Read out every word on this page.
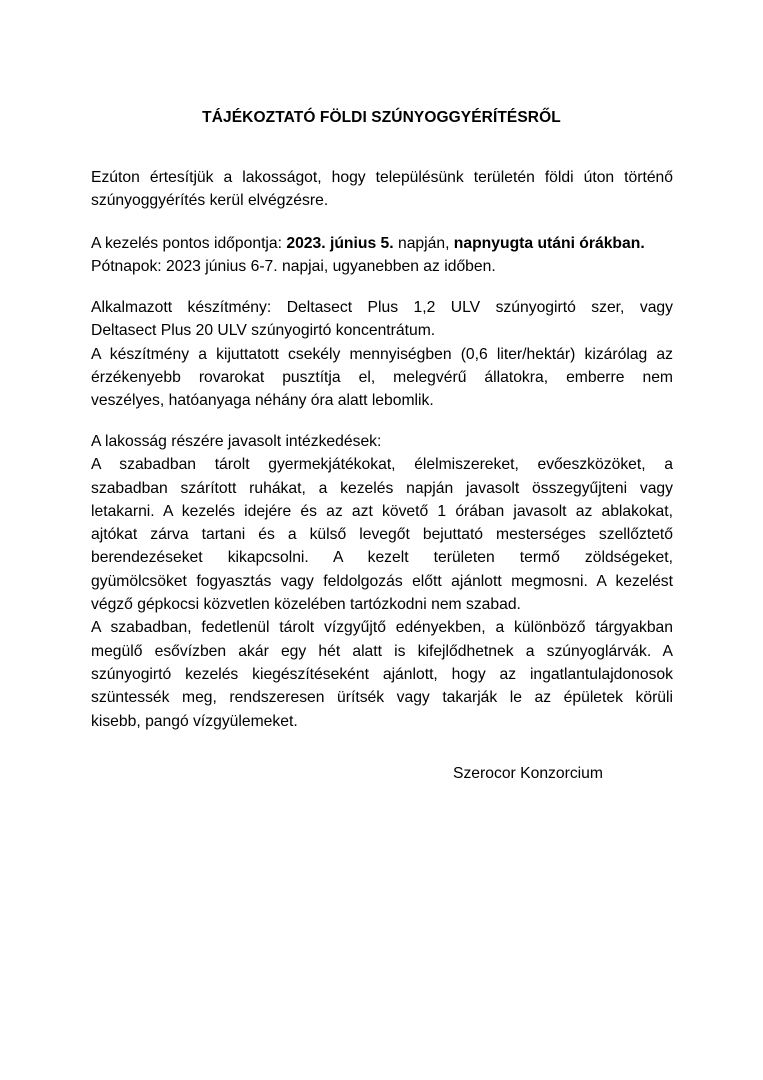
TÁJÉKOZTATÓ FÖLDI SZÚNYOGGYÉRÍTÉSRŐL
Ezúton értesítjük a lakosságot, hogy településünk területén földi úton történő
szúnyoggyérítés kerül elvégzésre.
A kezelés pontos időpontja: 2023. június 5. napján, napnyugta utáni órákban.
Pótnapok: 2023 június 6-7. napjai, ugyanebben az időben.
Alkalmazott készítmény: Deltasect Plus 1,2 ULV szúnyogirtó szer, vagy
Deltasect Plus 20 ULV szúnyogirtó koncentrátum.
A készítmény a kijuttatott csekély mennyiségben (0,6 liter/hektár) kizárólag az
érzékenyebb rovarokat pusztítja el, melegvérű állatokra, emberre nem
veszélyes, hatóanyaga néhány óra alatt lebomlik.
A lakosság részére javasolt intézkedések:
A szabadban tárolt gyermekjátékokat, élelmiszereket, evőeszközöket, a
szabadban szárított ruhákat, a kezelés napján javasolt összegyűjteni vagy
letakarni. A kezelés idejére és az azt követő 1 órában javasolt az ablakokat,
ajtókat zárva tartani és a külső levegőt bejuttató mesterséges szellőztető
berendezéseket kikapcsolni. A kezelt területen termő zöldségeket,
gyümölcsöket fogyasztás vagy feldolgozás előtt ajánlott megmosni. A kezelést
végző gépkocsi közvetlen közelében tartózkodni nem szabad.
A szabadban, fedetlenül tárolt vízgyűjtő edényekben, a különböző tárgyakban
megülő esővízben akár egy hét alatt is kifejlődhetnek a szúnyoglárvák. A
szúnyogirtó kezelés kiegészítéseként ajánlott, hogy az ingatlantulajdonosok
szüntessék meg, rendszeresen ürítsék vagy takarják le az épületek körüli
kisebb, pangó vízgyülemeket.
Szerocor Konzorcium
